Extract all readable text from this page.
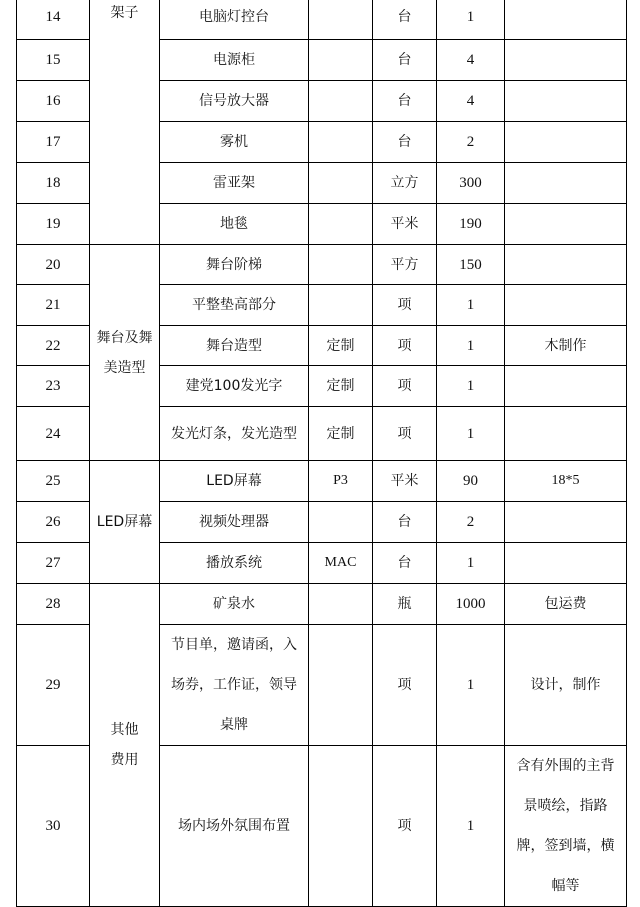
14	架子	电脑灯控台		台	1	
15		电源柜		台	4	
16		信号放大器		台	4	
17		雾机		台	2	
18		雷亚架		立方	300	
19		地毯		平米	190	
20	舞台及舞美造型	舞台阶梯		平方	150	
21		平整垫高部分		项	1	
22		舞台造型	定制	项	1	木制作
23		建党100发光字	定制	项	1	
24		发光灯条，发光造型	定制	项	1	
25	LED屏幕	LED屏幕	P3	平米	90	18*5
26		视频处理器		台	2	
27		播放系统	MAC	台	1	
28	其他费用	矿泉水		瓶	1000	包运费
29		节目单，邀请函，入场券，工作证，领导桌牌		项	1	设计，制作
30		场内场外氛围布置		项	1	含有外围的主背景喷绘，指路牌，签到墙，横幅等
